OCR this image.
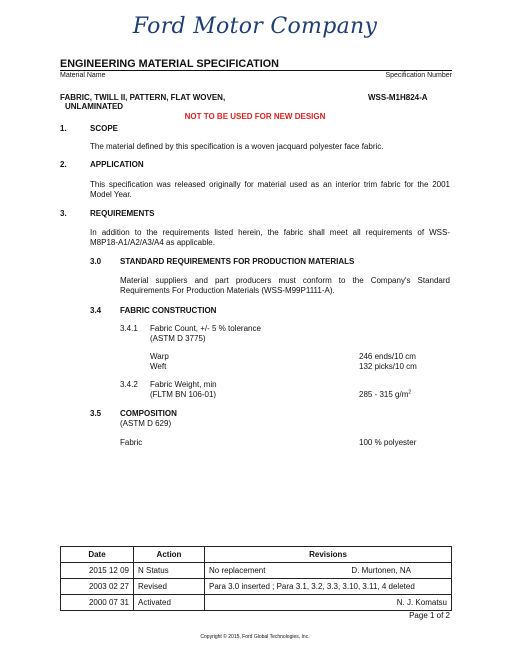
Ford Motor Company
ENGINEERING MATERIAL SPECIFICATION
Material Name	Specification Number
FABRIC, TWILL II, PATTERN, FLAT WOVEN,
UNLAMINATED
WSS-M1H824-A
NOT TO BE USED FOR NEW DESIGN
1.	SCOPE
The material defined by this specification is a woven jacquard polyester face fabric.
2.	APPLICATION
This specification was released originally for material used as an interior trim fabric for the 2001
Model Year.
3.	REQUIREMENTS
In addition to the requirements listed herein, the fabric shall meet all requirements of WSS-
M8P18-A1/A2/A3/A4 as applicable.
3.0 STANDARD REQUIREMENTS FOR PRODUCTION MATERIALS
Material suppliers and part producers must conform to the Company's Standard
Requirements For Production Materials (WSS-M99P1111-A).
3.4 FABRIC CONSTRUCTION
3.4.1 Fabric Count, +/- 5 % tolerance
(ASTM D 3775)
Warp	246 ends/10 cm
Weft	132 picks/10 cm
3.4.2 Fabric Weight, min
(FLTM BN 106-01)	285 - 315 $g/m^2$
3.5 COMPOSITION
(ASTM D 629)
Fabric	100 % polyester
Date	Action	Revisions
2015 12 09	N Status	No replacement D. Murtonen, NA

2003 02 27	Revised	Para 3.0 inserted ; Para 3.1, 3.2, 3.3, 3.10, 3.11, 4 deleted

2000 07 31	Activated	N. J. Komatsu
Page 1 of 2
Copyright © 2015, Ford Global Technologies, Inc.
